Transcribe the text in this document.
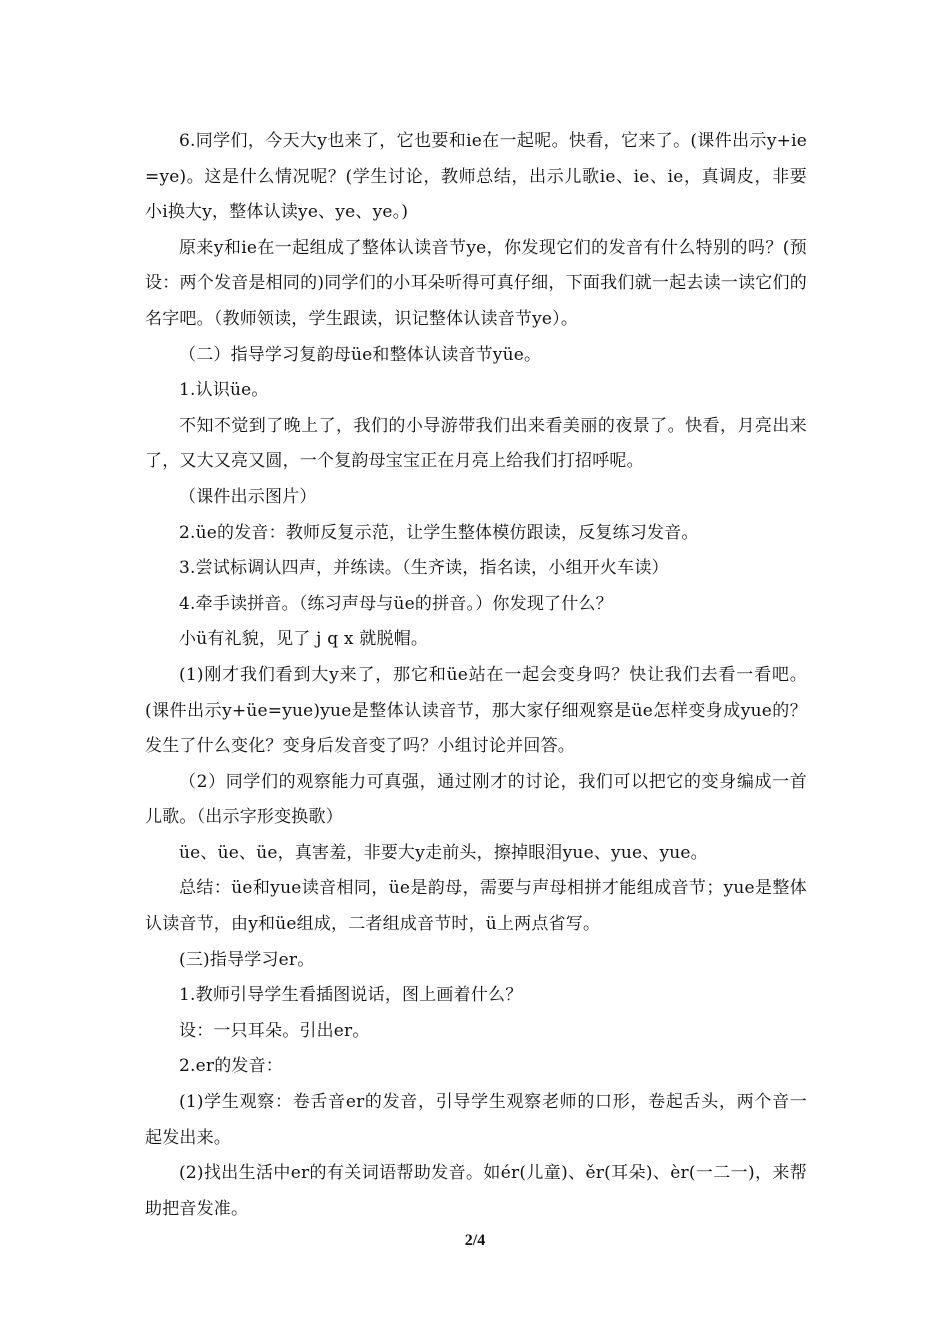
6.同学们，今天大y也来了，它也要和ie在一起呢。快看，它来了。(课件出示y+ie=ye)。这是什么情况呢？(学生讨论，教师总结，出示儿歌ie、ie、ie，真调皮，非要小i换大y，整体认读ye、ye、ye。)

原来y和ie在一起组成了整体认读音节ye，你发现它们的发音有什么特别的吗？(预设：两个发音是相同的)同学们的小耳朵听得可真仔细，下面我们就一起去读一读它们的名字吧。（教师领读，学生跟读，识记整体认读音节ye）。

（二）指导学习复韵母üe和整体认读音节yüe。

1.认识üe。

不知不觉到了晚上了，我们的小导游带我们出来看美丽的夜景了。快看，月亮出来了，又大又亮又圆，一个复韵母宝宝正在月亮上给我们打招呼呢。

（课件出示图片）

2.üe的发音：教师反复示范，让学生整体模仿跟读，反复练习发音。

3.尝试标调认四声，并练读。（生齐读，指名读，小组开火车读）

4.牵手读拼音。（练习声母与üe的拼音。）你发现了什么？

小ü有礼貌，见了 j q x 就脱帽。

(1)刚才我们看到大y来了，那它和üe站在一起会变身吗？快让我们去看一看吧。(课件出示y+üe=yue)yue是整体认读音节，那大家仔细观察是üe怎样变身成yue的？发生了什么变化？变身后发音变了吗？小组讨论并回答。

（2）同学们的观察能力可真强，通过刚才的讨论，我们可以把它的变身编成一首儿歌。（出示字形变换歌）

üe、üe、üe，真害羞，非要大y走前头，擦掉眼泪yue、yue、yue。

总结：üe和yue读音相同，üe是韵母，需要与声母相拼才能组成音节；yue是整体认读音节，由y和üe组成，二者组成音节时，ü上两点省写。

(三)指导学习er。

1.教师引导学生看插图说话，图上画着什么？

设：一只耳朵。引出er。

2.er的发音：

(1)学生观察：卷舌音er的发音，引导学生观察老师的口形，卷起舌头，两个音一起发出来。

(2)找出生活中er的有关词语帮助发音。如ér(儿童)、ěr(耳朵)、èr(一二一)，来帮助把音发准。

2/4
